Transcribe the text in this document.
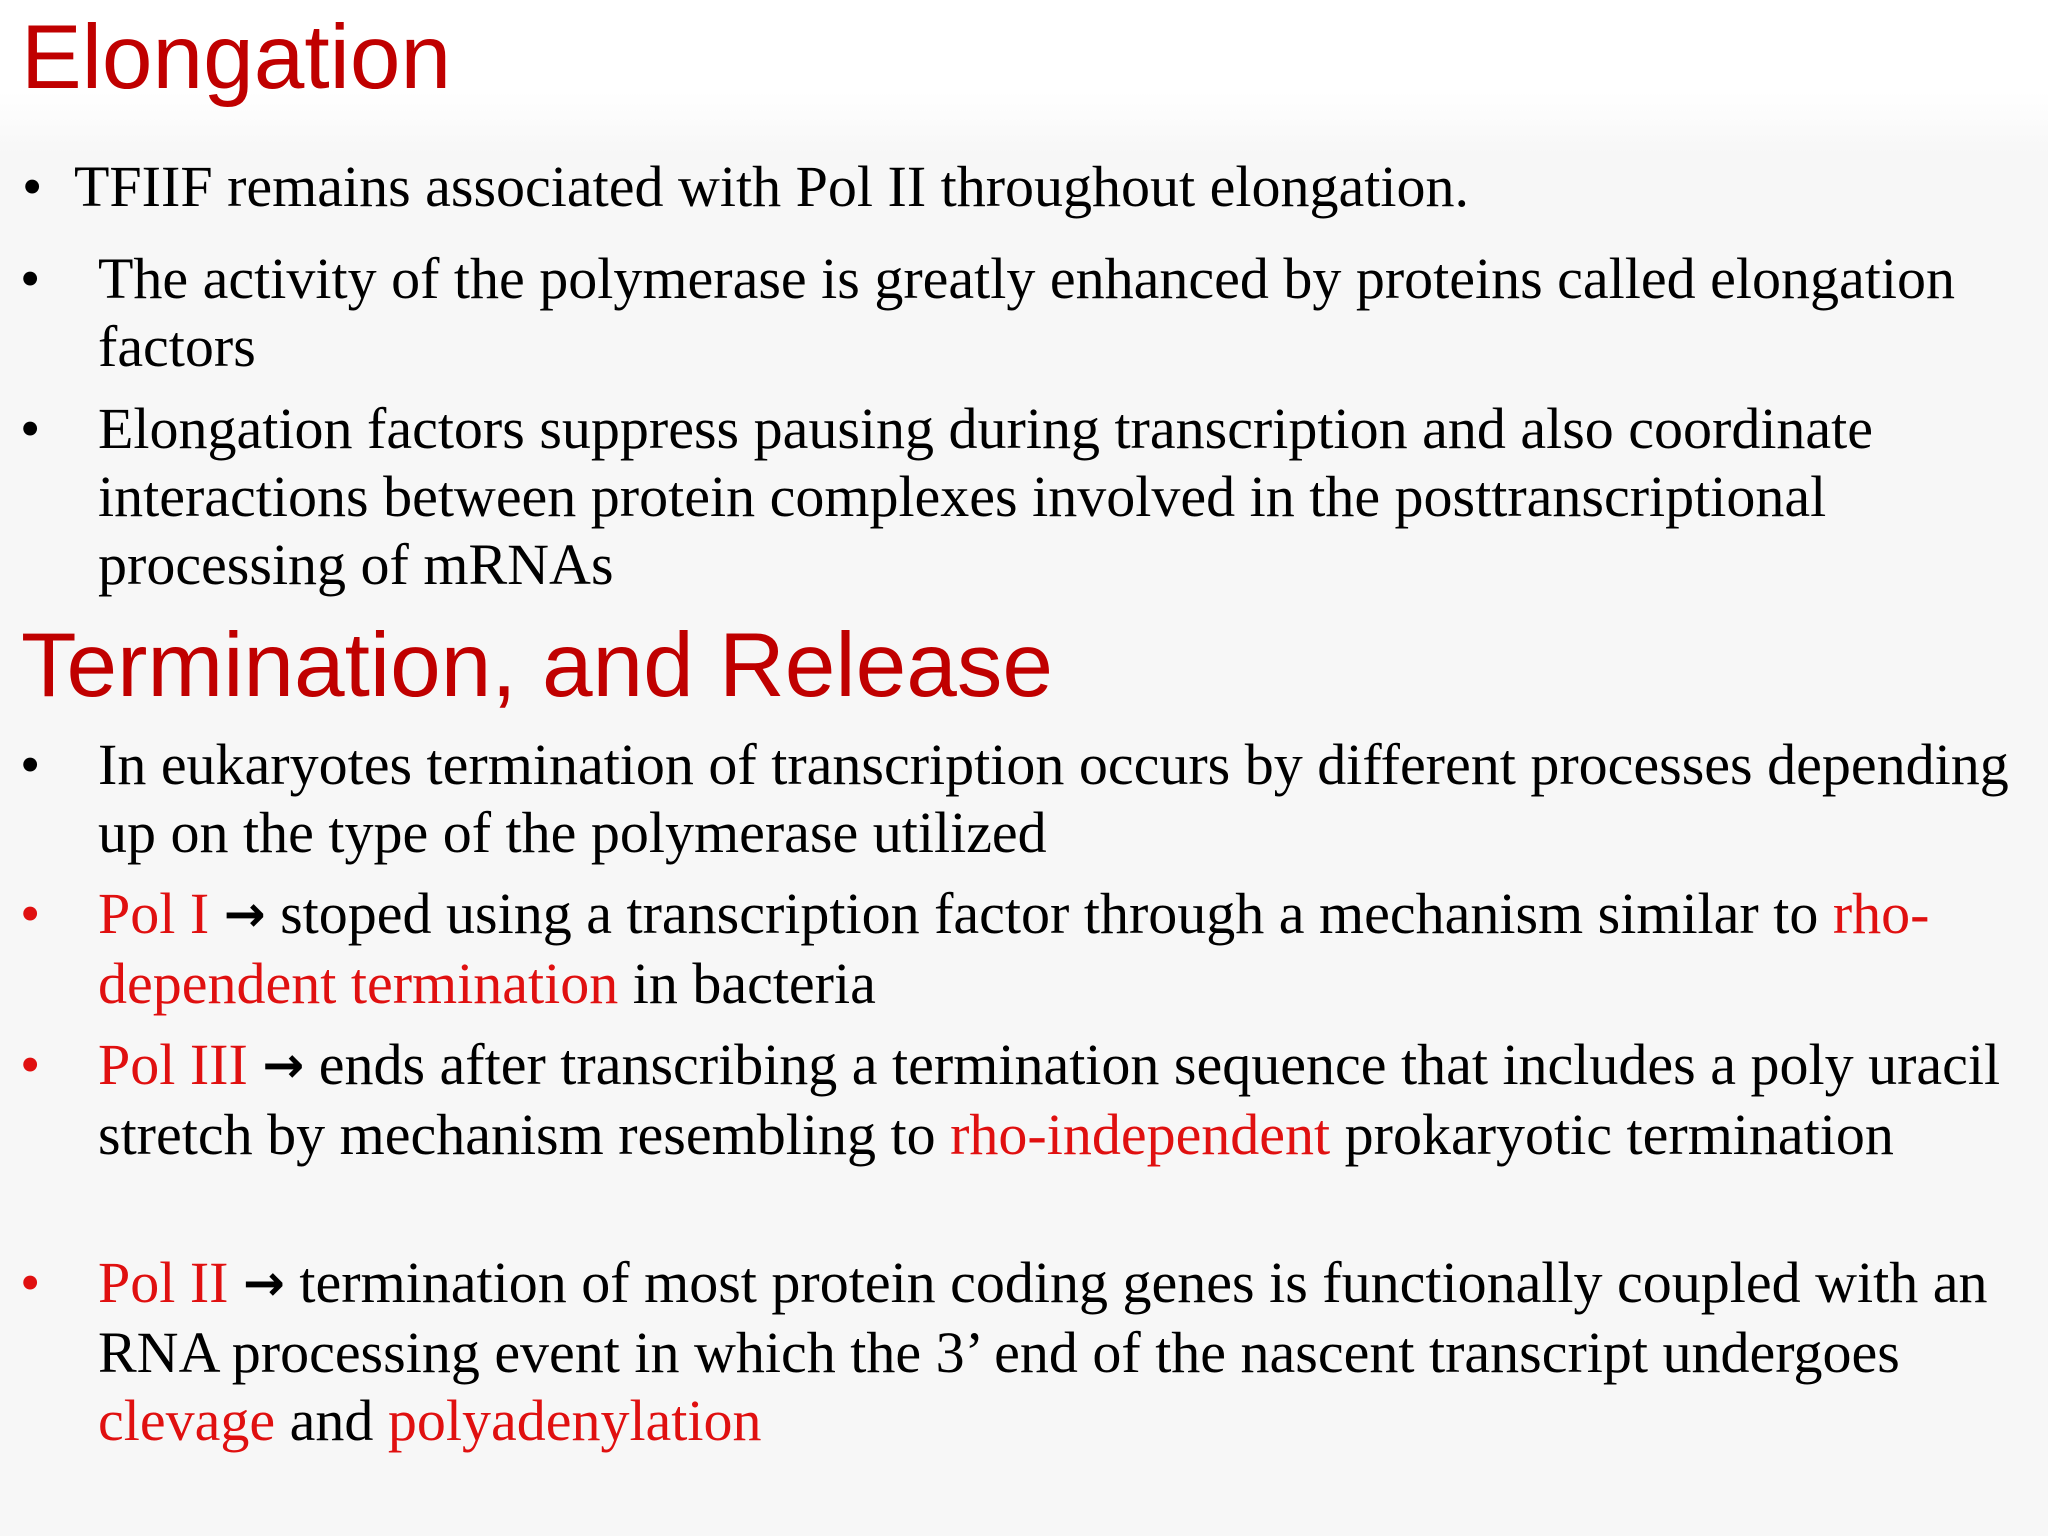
Elongation
• TFIIF remains associated with Pol II throughout elongation.
• The activity of the polymerase is greatly enhanced by proteins called elongation factors
• Elongation factors suppress pausing during transcription and also coordinate interactions between protein complexes involved in the posttranscriptional processing of mRNAs
Termination, and Release
• In eukaryotes termination of transcription occurs by different processes depending up on the type of the polymerase utilized
• Pol I → stoped using a transcription factor through a mechanism similar to rho-dependent termination in bacteria
• Pol III → ends after transcribing a termination sequence that includes a poly uracil stretch by mechanism resembling to rho-independent prokaryotic termination
• Pol II → termination of most protein coding genes is functionally coupled with an RNA processing event in which the 3’ end of the nascent transcript undergoes clevage and polyadenylation
